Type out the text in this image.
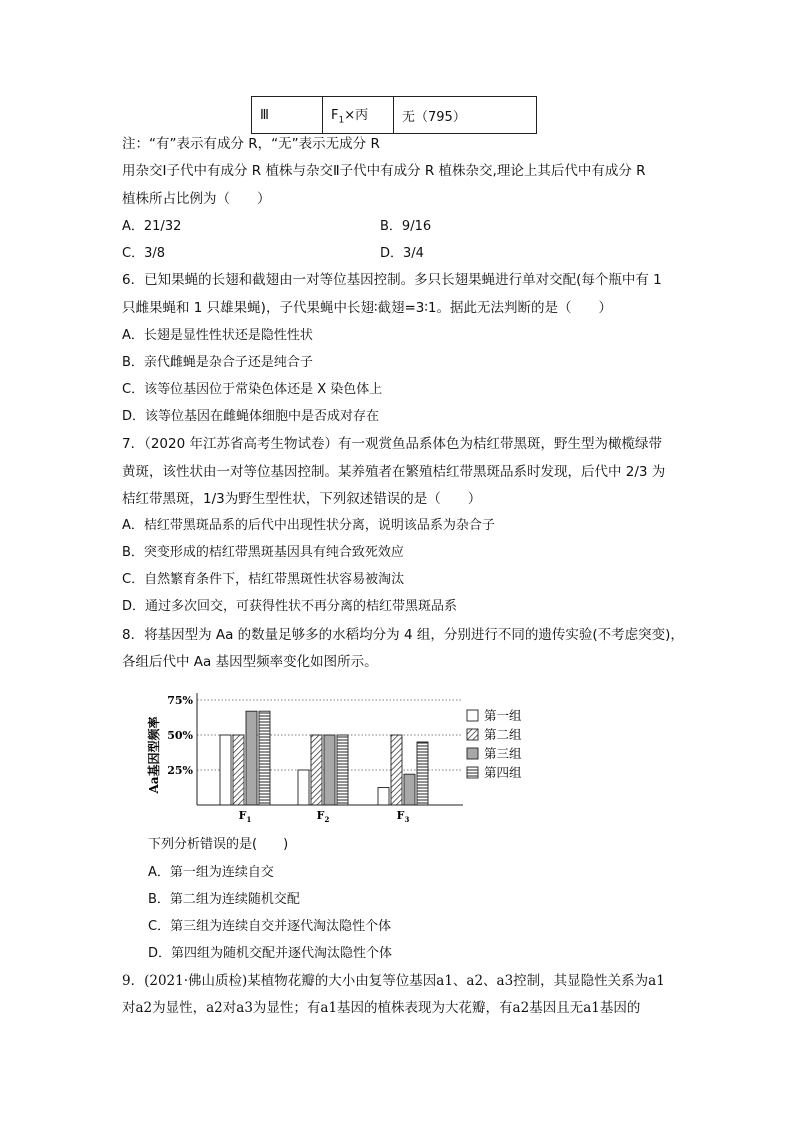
Ⅲ	$F_1\times$丙	无（795）
注：“有”表示有成分 R，“无”表示无成分 R
用杂交Ⅰ子代中有成分 R 植株与杂交Ⅱ子代中有成分 R 植株杂交,理论上其后代中有成分 R
植株所占比例为（　　）
A．21/32	B．9/16
C．3/8	D．3/4
6．已知果蝇的长翅和截翅由一对等位基因控制。多只长翅果蝇进行单对交配(每个瓶中有 1
只雌果蝇和 1 只雄果蝇)，子代果蝇中长翅∶截翅=3∶1。据此无法判断的是（　　）
A．长翅是显性性状还是隐性性状
B．亲代雌蝇是杂合子还是纯合子
C．该等位基因位于常染色体还是 X 染色体上
D．该等位基因在雌蝇体细胞中是否成对存在
7．（2020 年江苏省高考生物试卷）有一观赏鱼品系体色为桔红带黑斑，野生型为橄榄绿带
黄斑，该性状由一对等位基因控制。某养殖者在繁殖桔红带黑斑品系时发现，后代中 2/3 为
桔红带黑斑，1/3为野生型性状，下列叙述错误的是（　　）
A．桔红带黑斑品系的后代中出现性状分离，说明该品系为杂合子
B．突变形成的桔红带黑斑基因具有纯合致死效应
C．自然繁育条件下，桔红带黑斑性状容易被淘汰
D．通过多次回交，可获得性状不再分离的桔红带黑斑品系
8．将基因型为 Aa 的数量足够多的水稻均分为 4 组，分别进行不同的遗传实验(不考虑突变)，
各组后代中 Aa 基因型频率变化如图所示。
Aa基因型频率 25%
50%
75%
$F_1$	$F_2$	$F_3$
第一组
第二组
第三组
第四组
下列分析错误的是(　　)
A．第一组为连续自交
B．第二组为连续随机交配
C．第三组为连续自交并逐代淘汰隐性个体
D．第四组为随机交配并逐代淘汰隐性个体
9．(2021·佛山质检)某植物花瓣的大小由复等位基因a1、a2、a3控制，其显隐性关系为a1
对a2为显性，a2对a3为显性；有a1基因的植株表现为大花瓣，有a2基因且无a1基因的
